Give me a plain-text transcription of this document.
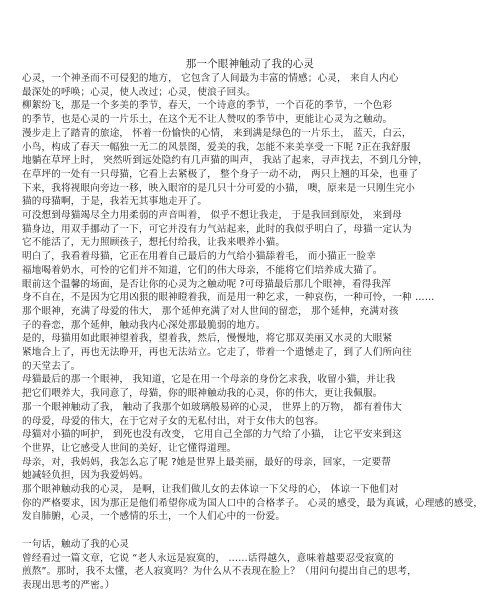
那一个眼神触动了我的心灵
心灵，一个神圣而不可侵犯的地方， 它包含了人间最为丰富的情感；心灵， 来自人内心
最深处的呼唤；心灵，使人改过；心灵，使浪子回头。
柳絮纷飞，那是一个多美的季节，春天，一个诗意的季节，一个百花的季节，一个色彩
的季节，也是心灵的一片乐土，在这个无不让人赞叹的季节中，更能让心灵为之触动。
漫步走上了踏青的旅途， 怀着一份愉快的心情， 来到满是绿色的一片乐土， 蓝天，白云，
小鸟，构成了春天一幅独一无二的风景图，爱美的我，怎能不来美享受一下呢 ?正在我舒服
地躺在草坪上时， 突然听到远处隐约有几声猫的叫声， 我站了起来，寻声找去，不到几分钟，
在草坪的一处有一只母猫，它看上去紧极了， 整个身子一动不动， 两只上翘的耳朵，也垂了
下来，我将视眼向旁边一移，映入眼帘的是几只十分可爱的小猫， 噢，原来是一只刚生完小
猫的母猫啊，于是，我若无其事地走开了。
可没想到母猫竭尽全力用柔弱的声音叫着， 似乎不想让我走， 于是我回到原处， 来到母
猫身边，用双手挪动了一下，可它并没有力气站起来，此时的我似乎明白了，母猫一定认为
它不能活了，无力照顾孩子，想托付给我，让我来喂养小猫。
明白了，我看着母猫，它正在用着自己最后的力气给小猫舔着毛， 而小猫正一脸幸
福地喝着奶水，可怜的它们并不知道，它们的伟大母亲，不能将它们培养成大猫了。
眼前这个温馨的场面，是否让你的心灵为之触动呢 ?可母猫最后那几个眼神，看得我浑
身不自在，不是因为它用凶狠的眼神瞪着我，而是用一种乞求，一种哀伤，一种可怜，一种 ……
那个眼神，充满了母爱的伟大， 那个延伸充满了对人世间的留恋， 那个延伸，充满对孩
子的眷恋，那个延伸，触动我内心深处那最脆弱的地方。
是的，母猫用如此眼神望着我，望着我，然后，慢慢地，将它那双美丽又水灵的大眼紧
紧地合上了，再也无法睁开，再也无法站立。它走了，带着一个遗憾走了，到了人们所向往
的天堂去了。
母猫最后的那一个眼神， 我知道，它是在用一个母亲的身份乞求我，收留小猫，并让我
把它们喂养大，我同意了，母猫，你的眼神触动我的心灵，你的伟大，更让我佩服。
那一个眼神触动了我， 触动了我那个如玻璃般易碎的心灵， 世界上的万物， 都有着伟大
的母爱，母爱的伟大，在于它对子女的无私付出，对于女伟大的包容。
母猫对小猫的呵护， 到死也没有改变， 它用自己全部的力气给了小猫， 让它平安来到这
个世界，让它感受人世间的美好，让它懂得道理。
母亲，对，我妈妈，我怎么忘了呢 ?她是世界上最美丽，最好的母亲，回家，一定要帮
她减轻负担，因为我爱妈妈。
那个眼神触动我的心灵， 是啊，让我们做儿女的去体谅一下父母的心， 体谅一下他们对
你的严格要求，因为那正是他们希望你成为国人口中的合格孝子。 心灵的感受，最为真诚，心理感的感受，
发自肺腑，心灵，一个感情的乐土，一个人们心中的一份爱。
一句话，触动了我的心灵
曾经看过一篇文章，它说 “老人永远是寂寞的， ……话得越久，意味着越要忍受寂寞的
煎熬”。那时，我不太懂，老人寂寞吗？为什么从不表现在脸上？（用问句提出自己的思考，
表现出思考的严密。）
